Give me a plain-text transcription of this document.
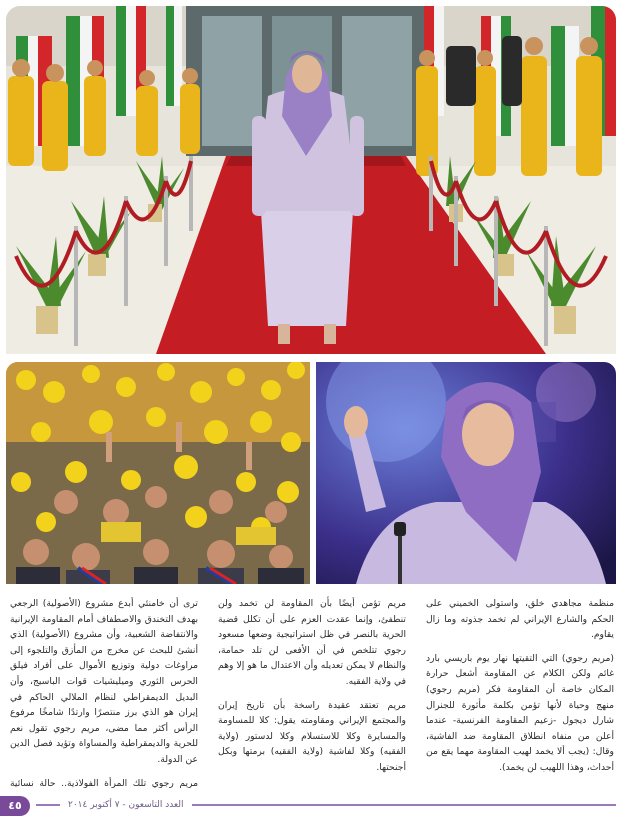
منظمة مجاهدي خلق، واستولى الخميني على الحكم والشارع الإيراني لم تخمد جذوته وما زال يقاوم.

(مريم رجوي) التي التقيتها نهار يوم باريسي بارد غائم ولكن الكلام عن المقاومة أشعل حرارة المكان خاصة أن المقاومة فكر (مريم رجوي) منهج وحياة لأنها تؤمن بكلمة مأثورة للجنرال شارل ديجول -زعيم المقاومة الفرنسية- عندما أعلن من منفاه انطلاق المقاومة ضد الفاشية، وقال: (يجب ألا يخمد لهيب المقاومة مهما يقع من أحداث، وهذا اللهيب لن يخمد).

مريم تؤمن أيضًا بأن المقاومة لن تخمد ولن تنطفئ، وإنما عقدت العزم على أن تكلل قضية الحرية بالنصر في ظل استراتيجية وضعها مسعود رجوي تتلخص في أن الأفعى لن تلد حمامة، والنظام لا يمكن تعديله وأن الاعتدال ما هو إلا وهم في ولاية الفقيه.

مريم تعتقد عقيدة راسخة بأن تاريخ إيران والمجتمع الإيراني ومقاومته يقول: كلا للمساومة والمسايرة وكلا للاستسلام وكلا لدستور (ولاية الفقيه) وكلا لفاشية (ولاية الفقيه) برمتها وبكل أجنحتها.

ترى أن خامنئي أبدع مشروع (الأصولية) الرجعي بهدف التخندق والاصطفاف أمام المقاومة الإيرانية والانتفاضة الشعبية، وأن مشروع (الأصولية) الذي أنشئ للبحث عن مخرج من المأزق والتلجوء إلى مراوغات دولية وتوزيع الأموال على أفراد فيلق الحرس الثوري وميليشيات قوات الباسيج، وأن البديل الديمقراطي لنظام الملالي الحاكم في إيران هو الذي برز منتصرًا وارتدًا شامخًا مرفوع الرأس أكثر مما مضى، مريم رجوي تقول نعم للحرية والديمقراطية والمساواة وتؤيد فصل الدين عن الدولة.

مريم رجوي تلك المرأة الفولاذية.. حالة نسائية

٤٥	العدد التاسعون - ٧ أكتوبر ٢٠١٤
